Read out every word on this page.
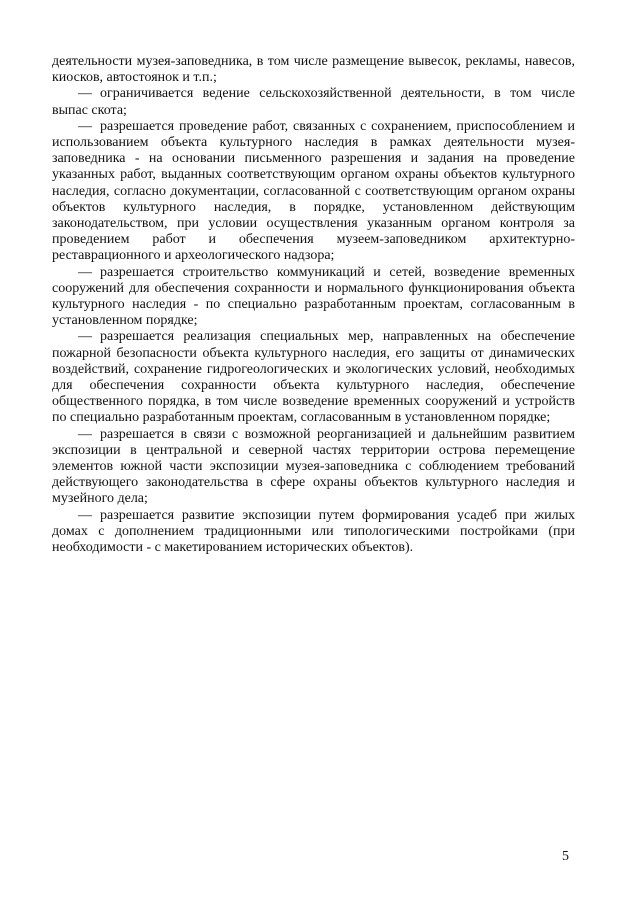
деятельности музея-заповедника, в том числе размещение вывесок, рекламы, навесов, киосков, автостоянок и т.п.;

— ограничивается ведение сельскохозяйственной деятельности, в том числе выпас скота;

— разрешается проведение работ, связанных с сохранением, приспособлением и использованием объекта культурного наследия в рамках деятельности музея-заповедника - на основании письменного разрешения и задания на проведение указанных работ, выданных соответствующим органом охраны объектов культурного наследия, согласно документации, согласованной с соответствующим органом охраны объектов культурного наследия, в порядке, установленном действующим законодательством, при условии осуществления указанным органом контроля за проведением работ и обеспечения музеем-заповедником архитектурно-реставрационного и археологического надзора;

— разрешается строительство коммуникаций и сетей, возведение временных сооружений для обеспечения сохранности и нормального функционирования объекта культурного наследия - по специально разработанным проектам, согласованным в установленном порядке;

— разрешается реализация специальных мер, направленных на обеспечение пожарной безопасности объекта культурного наследия, его защиты от динамических воздействий, сохранение гидрогеологических и экологических условий, необходимых для обеспечения сохранности объекта культурного наследия, обеспечение общественного порядка, в том числе возведение временных сооружений и устройств по специально разработанным проектам, согласованным в установленном порядке;

— разрешается в связи с возможной реорганизацией и дальнейшим развитием экспозиции в центральной и северной частях территории острова перемещение элементов южной части экспозиции музея-заповедника с соблюдением требований действующего законодательства в сфере охраны объектов культурного наследия и музейного дела;

— разрешается развитие экспозиции путем формирования усадеб при жилых домах с дополнением традиционными или типологическими постройками (при необходимости - с макетированием исторических объектов).

5
